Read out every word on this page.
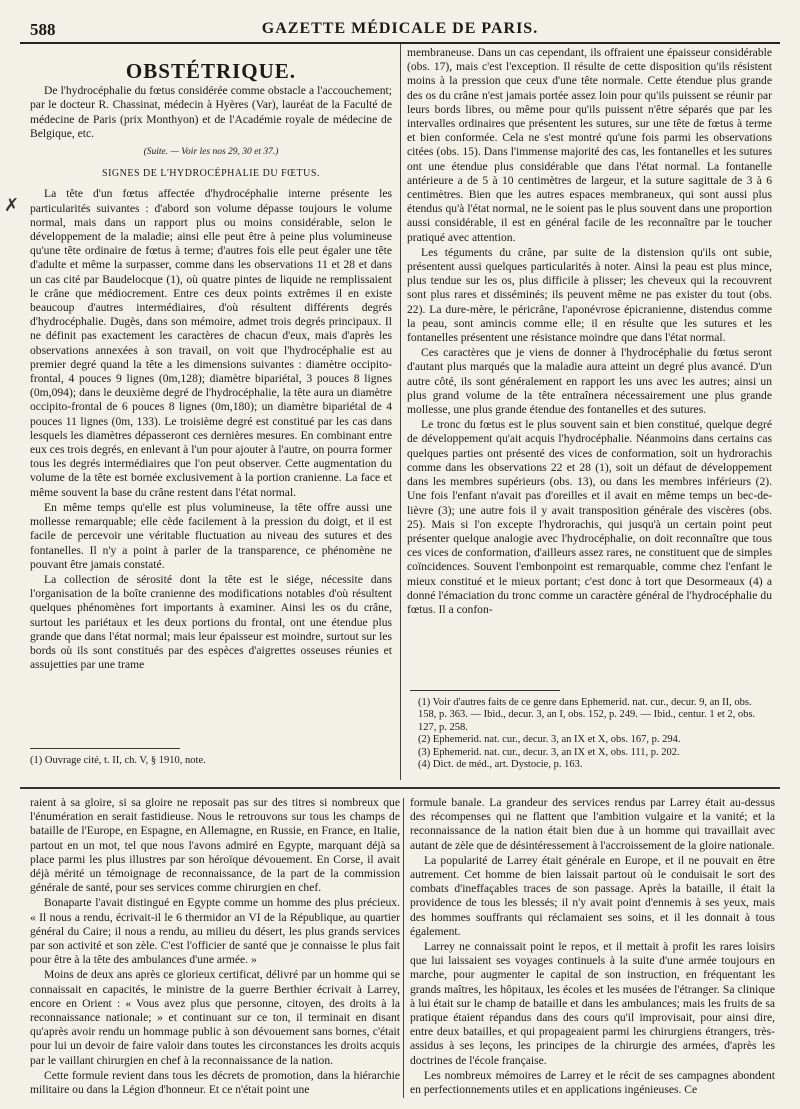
588	GAZETTE MÉDICALE DE PARIS.
✗
OBSTÉTRIQUE.

De l'hydrocéphalie du fœtus considérée comme obstacle a l'accouchement; par le docteur R. Chassinat, médecin à Hyères (Var), lauréat de la Faculté de médecine de Paris (prix Monthyon) et de l'Académie royale de médecine de Belgique, etc.

(Suite. — Voir les nos 29, 30 et 37.)
SIGNES DE L'HYDROCÉPHALIE DU FŒTUS.

La tête d'un fœtus affectée d'hydrocéphalie interne présente les particularités suivantes : d'abord son volume dépasse toujours le volume normal, mais dans un rapport plus ou moins considérable, selon le développement de la maladie; ainsi elle peut être à peine plus volumineuse qu'une tête ordinaire de fœtus à terme; d'autres fois elle peut égaler une tête d'adulte et même la surpasser, comme dans les observations 11 et 28 et dans un cas cité par Baudelocque (1), où quatre pintes de liquide ne remplissaient le crâne que médiocrement. Entre ces deux points extrêmes il en existe beaucoup d'autres intermédiaires, d'où résultent différents degrés d'hydrocéphalie. Dugès, dans son mémoire, admet trois degrés principaux. Il ne définit pas exactement les caractères de chacun d'eux, mais d'après les observations annexées à son travail, on voit que l'hydrocéphalie est au premier degré quand la tête a les dimensions suivantes : diamètre occipito-frontal, 4 pouces 9 lignes (0m,128); diamètre bipariétal, 3 pouces 8 lignes (0m,094); dans le deuxième degré de l'hydrocéphalie, la tête aura un diamètre occipito-frontal de 6 pouces 8 lignes (0m,180); un diamètre bipariétal de 4 pouces 11 lignes (0m, 133). Le troisième degré est constitué par les cas dans lesquels les diamètres dépasseront ces dernières mesures. En combinant entre eux ces trois degrés, en enlevant à l'un pour ajouter à l'autre, on pourra former tous les degrés intermédiaires que l'on peut observer. Cette augmentation du volume de la tête est bornée exclusivement à la portion cranienne. La face et même souvent la base du crâne restent dans l'état normal.

En même temps qu'elle est plus volumineuse, la tête offre aussi une mollesse remarquable; elle cède facilement à la pression du doigt, et il est facile de percevoir une véritable fluctuation au niveau des sutures et des fontanelles. Il n'y a point à parler de la transparence, ce phénomène ne pouvant être jamais constaté.

La collection de sérosité dont la tête est le siége, nécessite dans l'organisation de la boîte cranienne des modifications notables d'où résultent quelques phénomènes fort importants à examiner. Ainsi les os du crâne, surtout les pariétaux et les deux portions du frontal, ont une étendue plus grande que dans l'état normal; mais leur épaisseur est moindre, surtout sur les bords où ils sont constitués par des espèces d'aigrettes osseuses réunies et assujetties par une trame

(1) Ouvrage cité, t. II, ch. V, § 1910, note.

membraneuse. Dans un cas cependant, ils offraient une épaisseur considérable (obs. 17), mais c'est l'exception. Il résulte de cette disposition qu'ils résistent moins à la pression que ceux d'une tête normale. Cette étendue plus grande des os du crâne n'est jamais portée assez loin pour qu'ils puissent se réunir par leurs bords libres, ou même pour qu'ils puissent n'être séparés que par les intervalles ordinaires que présentent les sutures, sur une tête de fœtus à terme et bien conformée. Cela ne s'est montré qu'une fois parmi les observations citées (obs. 15). Dans l'immense majorité des cas, les fontanelles et les sutures ont une étendue plus considérable que dans l'état normal. La fontanelle antérieure a de 5 à 10 centimètres de largeur, et la suture sagittale de 3 à 6 centimètres. Bien que les autres espaces membraneux, qui sont aussi plus étendus qu'à l'état normal, ne le soient pas le plus souvent dans une proportion aussi considérable, il est en général facile de les reconnaître par le toucher pratiqué avec attention.

Les téguments du crâne, par suite de la distension qu'ils ont subie, présentent aussi quelques particularités à noter. Ainsi la peau est plus mince, plus tendue sur les os, plus difficile à plisser; les cheveux qui la recouvrent sont plus rares et disséminés; ils peuvent même ne pas exister du tout (obs. 22). La dure-mère, le péricrâne, l'aponévrose épicranienne, distendus comme la peau, sont amincis comme elle; il en résulte que les sutures et les fontanelles présentent une résistance moindre que dans l'état normal.

Ces caractères que je viens de donner à l'hydrocéphalie du fœtus seront d'autant plus marqués que la maladie aura atteint un degré plus avancé. D'un autre côté, ils sont généralement en rapport les uns avec les autres; ainsi un plus grand volume de la tête entraînera nécessairement une plus grande mollesse, une plus grande étendue des fontanelles et des sutures.

Le tronc du fœtus est le plus souvent sain et bien constitué, quelque degré de développement qu'ait acquis l'hydrocéphalie. Néanmoins dans certains cas quelques parties ont présenté des vices de conformation, soit un hydrorachis comme dans les observations 22 et 28 (1), soit un défaut de développement dans les membres supérieurs (obs. 13), ou dans les membres inférieurs (2). Une fois l'enfant n'avait pas d'oreilles et il avait en même temps un bec-de-lièvre (3); une autre fois il y avait transposition générale des viscères (obs. 25). Mais si l'on excepte l'hydrorachis, qui jusqu'à un certain point peut présenter quelque analogie avec l'hydrocéphalie, on doit reconnaître que tous ces vices de conformation, d'ailleurs assez rares, ne constituent que de simples coïncidences. Souvent l'embonpoint est remarquable, comme chez l'enfant le mieux constitué et le mieux portant; c'est donc à tort que Desormeaux (4) a donné l'émaciation du tronc comme un caractère général de l'hydrocéphalie du fœtus. Il a confon-

(1) Voir d'autres faits de ce genre dans Ephemerid. nat. cur., decur. 9, an II, obs. 158, p. 363. — Ibid., decur. 3, an I, obs. 152, p. 249. — Ibid., centur. 1 et 2, obs. 127, p. 258.
(2) Ephemerid. nat. cur., decur. 3, an IX et X, obs. 167, p. 294.
(3) Ephemerid. nat. cur., decur. 3, an IX et X, obs. 111, p. 202.
(4) Dict. de méd., art. Dystocie, p. 163.

raient à sa gloire, si sa gloire ne reposait pas sur des titres si nombreux que l'énumération en serait fastidieuse. Nous le retrouvons sur tous les champs de bataille de l'Europe, en Espagne, en Allemagne, en Russie, en France, en Italie, partout en un mot, tel que nous l'avons admiré en Egypte, marquant déjà sa place parmi les plus illustres par son héroïque dévouement. En Corse, il avait déjà mérité un témoignage de reconnaissance, de la part de la commission générale de santé, pour ses services comme chirurgien en chef.

Bonaparte l'avait distingué en Egypte comme un homme des plus précieux. « Il nous a rendu, écrivait-il le 6 thermidor an VI de la République, au quartier général du Caire; il nous a rendu, au milieu du désert, les plus grands services par son activité et son zèle. C'est l'officier de santé que je connaisse le plus fait pour être à la tête des ambulances d'une armée. »

Moins de deux ans après ce glorieux certificat, délivré par un homme qui se connaissait en capacités, le ministre de la guerre Berthier écrivait à Larrey, encore en Orient : « Vous avez plus que personne, citoyen, des droits à la reconnaissance nationale; » et continuant sur ce ton, il terminait en disant qu'après avoir rendu un hommage public à son dévouement sans bornes, c'était pour lui un devoir de faire valoir dans toutes les circonstances les droits acquis par le vaillant chirurgien en chef à la reconnaissance de la nation.

Cette formule revient dans tous les décrets de promotion, dans la hiérarchie militaire ou dans la Légion d'honneur. Et ce n'était point une

formule banale. La grandeur des services rendus par Larrey était au-dessus des récompenses qui ne flattent que l'ambition vulgaire et la vanité; et la reconnaissance de la nation était bien due à un homme qui travaillait avec autant de zèle que de désintéressement à l'accroissement de la gloire nationale.

La popularité de Larrey était générale en Europe, et il ne pouvait en être autrement. Cet homme de bien laissait partout où le conduisait le sort des combats d'ineffaçables traces de son passage. Après la bataille, il était la providence de tous les blessés; il n'y avait point d'ennemis à ses yeux, mais des hommes souffrants qui réclamaient ses soins, et il les donnait à tous également.

Larrey ne connaissait point le repos, et il mettait à profit les rares loisirs que lui laissaient ses voyages continuels à la suite d'une armée toujours en marche, pour augmenter le capital de son instruction, en fréquentant les grands maîtres, les hôpitaux, les écoles et les musées de l'étranger. Sa clinique à lui était sur le champ de bataille et dans les ambulances; mais les fruits de sa pratique étaient répandus dans des cours qu'il improvisait, pour ainsi dire, entre deux batailles, et qui propageaient parmi les chirurgiens étrangers, très-assidus à ses leçons, les principes de la chirurgie des armées, d'après les doctrines de l'école française.

Les nombreux mémoires de Larrey et le récit de ses campagnes abondent en perfectionnements utiles et en applications ingénieuses. Ce
